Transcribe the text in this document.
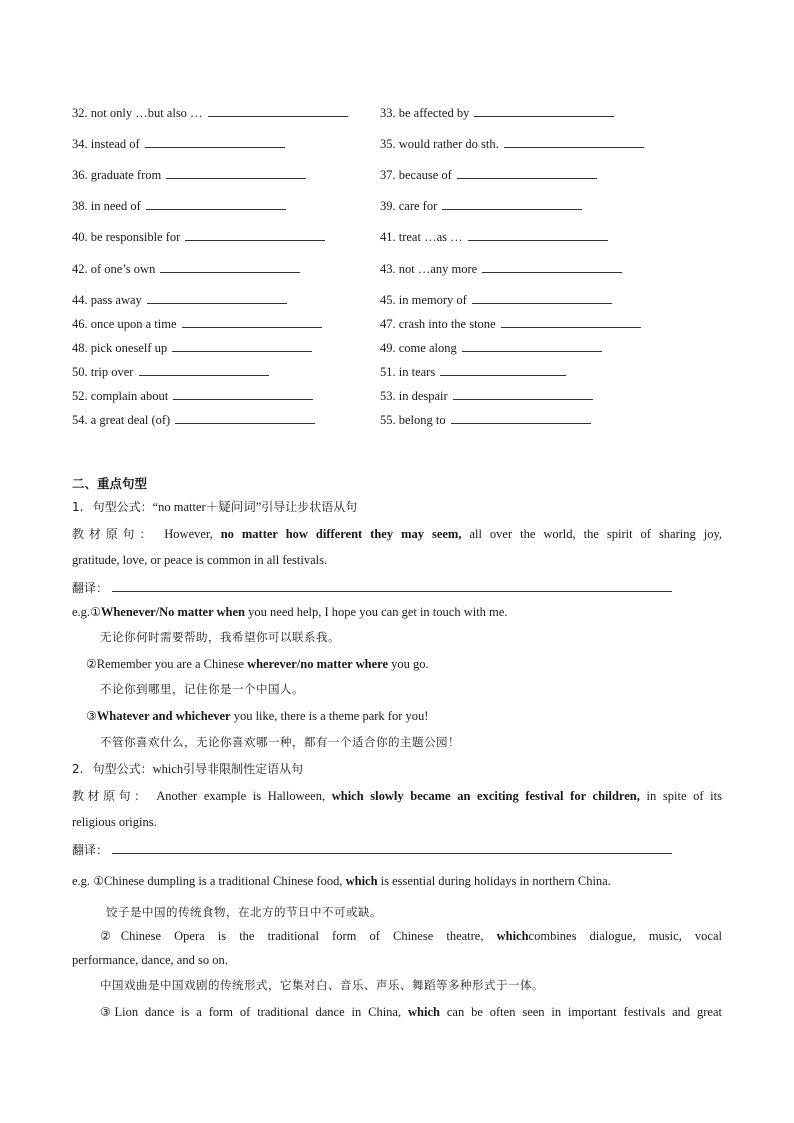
32. not only …but also …	33. be affected by
34. instead of	35. would rather do sth.
36. graduate from	37. because of
38. in need of	39. care for
40. be responsible for	41. treat …as …
42. of one’s own	43. not …any more
44. pass away	45. in memory of
46. once upon a time	47. crash into the stone
48. pick oneself up	49. come along
50. trip over	51. in tears
52. complain about	53. in despair
54. a great deal (of)	55. belong to
二、重点句型
1. 句型公式：“no matter＋疑问词”引导让步状语从句
教材原句： However, no matter how different they may seem, all over the world, the spirit of sharing joy,
gratitude, love, or peace is common in all festivals.
翻译：
e.g.①Whenever/No matter when you need help, I hope you can get in touch with me.
无论你何时需要帮助，我希望你可以联系我。
②Remember you are a Chinese wherever/no matter where you go.
不论你到哪里，记住你是一个中国人。
③Whatever and whichever you like, there is a theme park for you!
不管你喜欢什么，无论你喜欢哪一种，都有一个适合你的主题公园！
2. 句型公式：which引导非限制性定语从句
教材原句： Another example is Halloween, which slowly became an exciting festival for children, in spite of its
religious origins.
翻译：
e.g. ①Chinese dumpling is a traditional Chinese food, which is essential during holidays in northern China.
饺子是中国的传统食物，在北方的节日中不可或缺。
②Chinese Opera is the traditional form of Chinese theatre, whichcombines dialogue, music, vocal
performance, dance, and so on.
中国戏曲是中国戏剧的传统形式，它集对白、音乐、声乐、舞蹈等多种形式于一体。
③Lion dance is a form of traditional dance in China, which can be often seen in important festivals and great
